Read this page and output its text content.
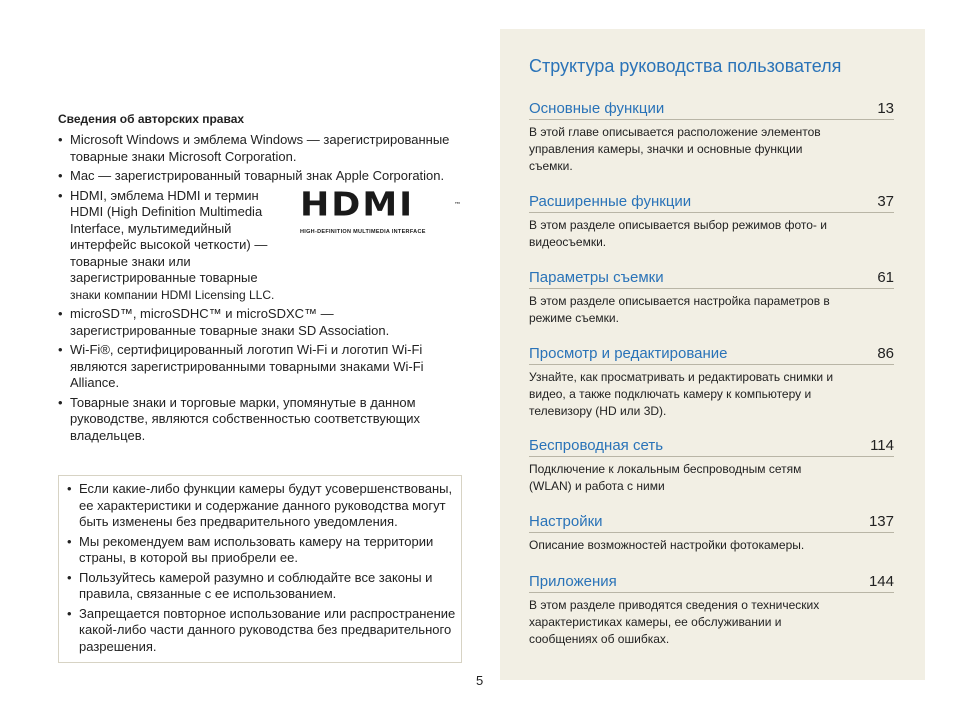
Сведения об авторских правах
• Microsoft Windows и эмблема Windows — зарегистрированные товарные знаки Microsoft Corporation.
• Mac — зарегистрированный товарный знак Apple Corporation.
• HDMI, эмблема HDMI и термин HDMI (High Definition Multimedia Interface, мультимедийный интерфейс высокой четкости) — товарные знаки или зарегистрированные товарные
HDMI	™
HIGH-DEFINITION MULTIMEDIA INTERFACE
знаки компании HDMI Licensing LLC.
• microSD™, microSDHC™ и microSDXC™ — зарегистрированные товарные знаки SD Association.
• Wi-Fi®, сертифицированный логотип Wi-Fi и логотип Wi-Fi являются зарегистрированными товарными знаками Wi-Fi Alliance.
• Товарные знаки и торговые марки, упомянутые в данном руководстве, являются собственностью соответствующих владельцев.
• Если какие-либо функции камеры будут усовершенствованы, ее характеристики и содержание данного руководства могут быть изменены без предварительного уведомления.
• Мы рекомендуем вам использовать камеру на территории страны, в которой вы приобрели ее.
• Пользуйтесь камерой разумно и соблюдайте все законы и правила, связанные с ее использованием.
• Запрещается повторное использование или распространение какой-либо части данного руководства без предварительного разрешения.
5
Структура руководства пользователя
Основные функции	13
В этой главе описывается расположение элементов управления камеры, значки и основные функции съемки.
Расширенные функции	37
В этом разделе описывается выбор режимов фото- и видеосъемки.
Параметры съемки	61
В этом разделе описывается настройка параметров в режиме съемки.
Просмотр и редактирование	86
Узнайте, как просматривать и редактировать снимки и видео, а также подключать камеру к компьютеру и телевизору (HD или 3D).
Беспроводная сеть	114
Подключение к локальным беспроводным сетям (WLAN) и работа с ними
Настройки	137
Описание возможностей настройки фотокамеры.
Приложения	144
В этом разделе приводятся сведения о технических характеристиках камеры, ее обслуживании и сообщениях об ошибках.
